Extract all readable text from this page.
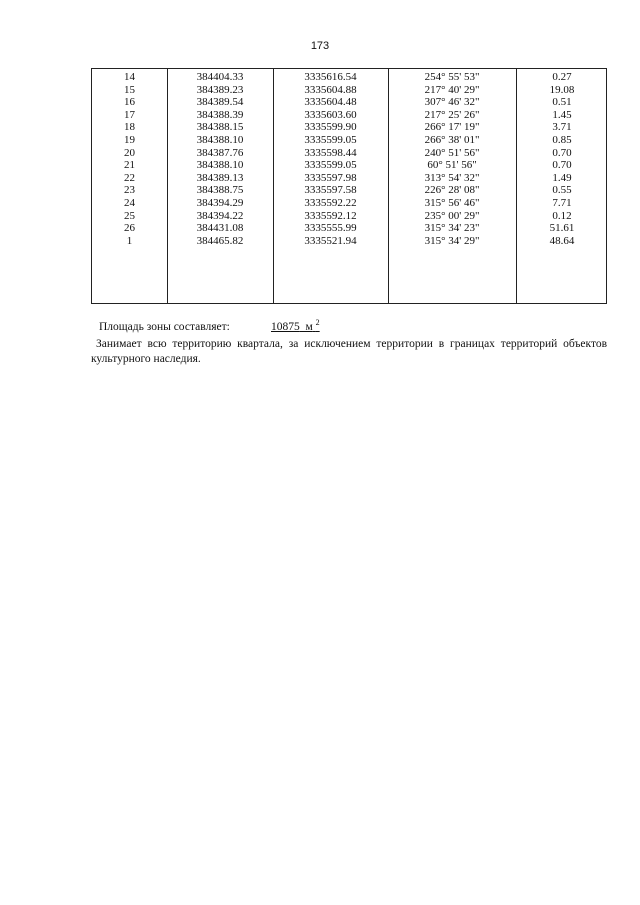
173
14	384404.33	3335616.54	254° 55' 53"	0.27
15	384389.23	3335604.88	217° 40' 29"	19.08
16	384389.54	3335604.48	307° 46' 32"	0.51
17	384388.39	3335603.60	217° 25' 26"	1.45
18	384388.15	3335599.90	266° 17' 19"	3.71
19	384388.10	3335599.05	266° 38' 01"	0.85
20	384387.76	3335598.44	240° 51' 56"	0.70
21	384388.10	3335599.05	60° 51' 56"	0.70
22	384389.13	3335597.98	313° 54' 32"	1.49
23	384388.75	3335597.58	226° 28' 08"	0.55
24	384394.29	3335592.22	315° 56' 46"	7.71
25	384394.22	3335592.12	235° 00' 29"	0.12
26	384431.08	3335555.99	315° 34' 23"	51.61
1	384465.82	3335521.94	315° 34' 29"	48.64
Площадь зоны составляет:	10875 м $^2$
Занимает всю территорию квартала, за исключением территории в границах территорий объектов культурного наследия.
